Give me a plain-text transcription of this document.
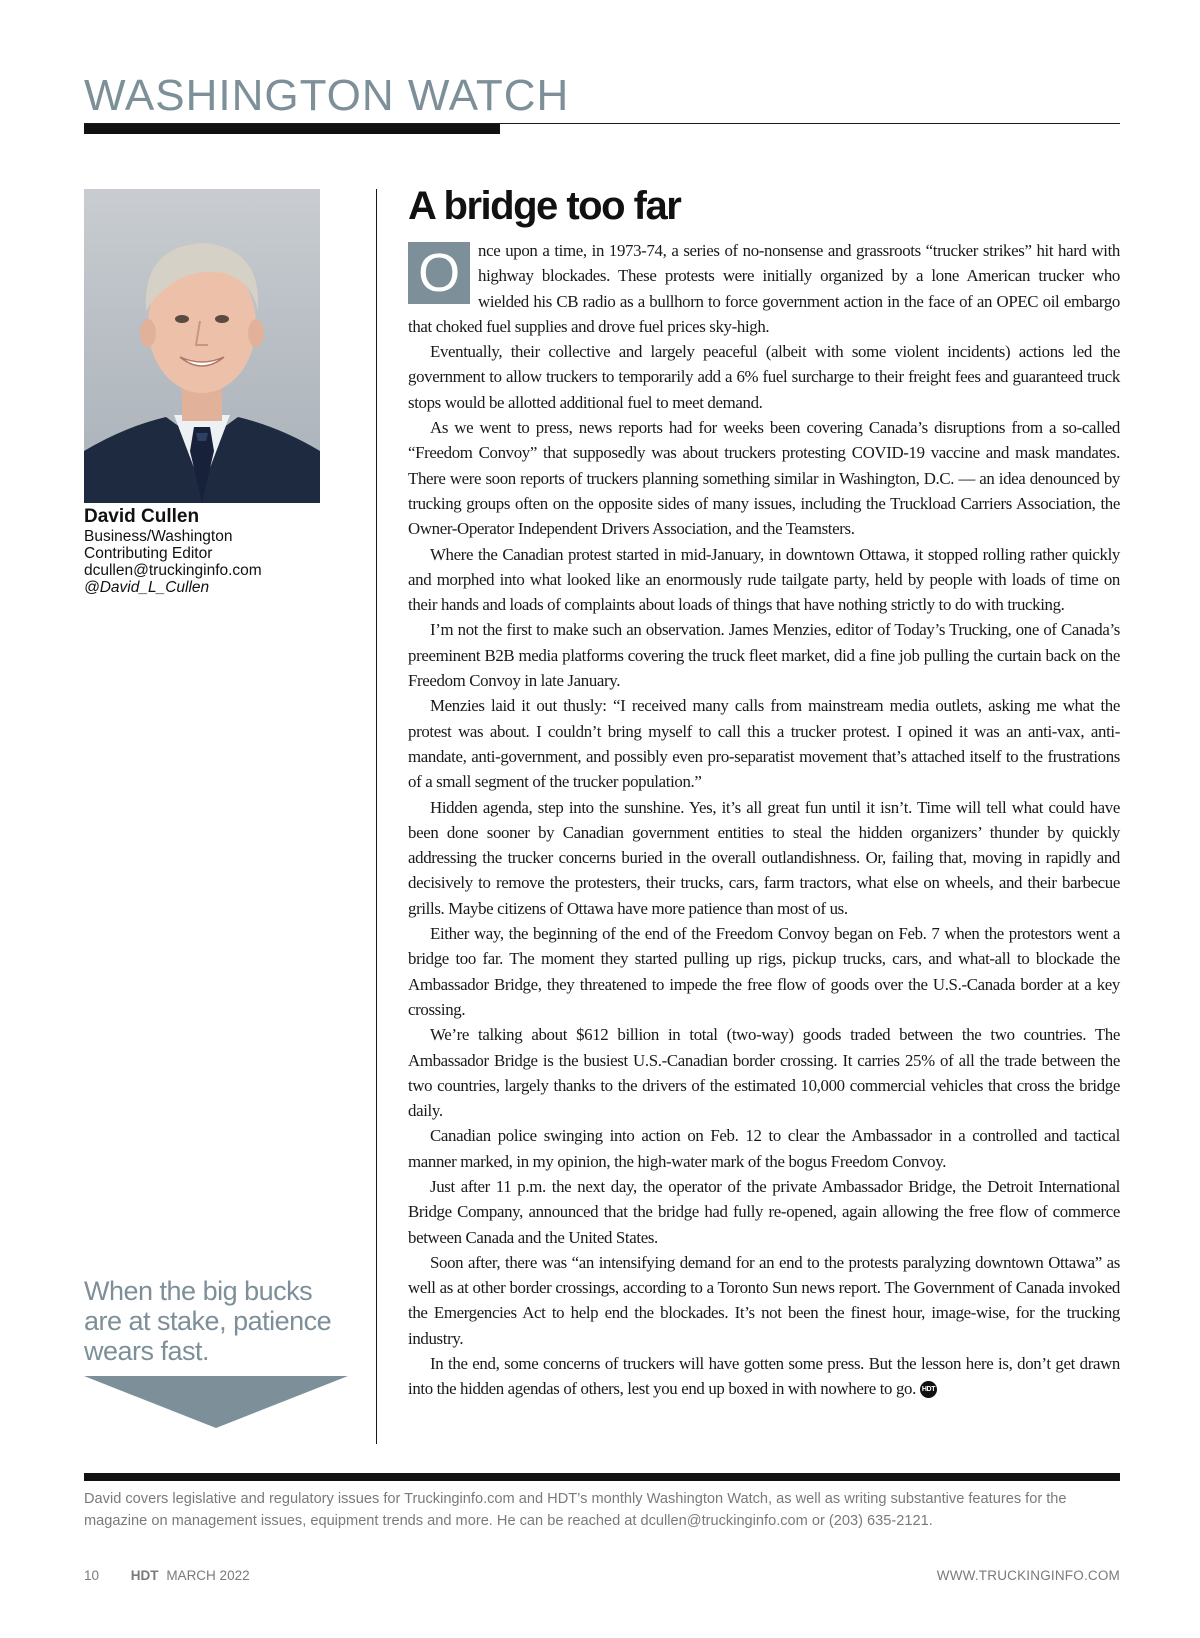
WASHINGTON WATCH
David Cullen
Business/Washington
Contributing Editor
dcullen@truckinginfo.com
@David_L_Cullen
When the big bucks are at stake, patience wears fast.
A bridge too far

O	nce upon a time, in 1973-74, a series of no-nonsense and grassroots “trucker strikes” hit hard with highway blockades. These protests were initially organized by a lone American trucker who wielded his CB radio as a bullhorn to force government action in the face of an OPEC oil embargo that choked fuel supplies and drove fuel prices sky-high.

Eventually, their collective and largely peaceful (albeit with some violent incidents) actions led the government to allow truckers to temporarily add a 6% fuel surcharge to their freight fees and guaranteed truck stops would be allotted additional fuel to meet demand.

As we went to press, news reports had for weeks been covering Canada’s disruptions from a so-called “Freedom Convoy” that supposedly was about truckers protesting COVID-19 vaccine and mask mandates. There were soon reports of truckers planning something similar in Washington, D.C. — an idea denounced by trucking groups often on the opposite sides of many issues, including the Truckload Carriers Association, the Owner-Operator Independent Drivers Association, and the Teamsters.

Where the Canadian protest started in mid-January, in downtown Ottawa, it stopped rolling rather quickly and morphed into what looked like an enormously rude tailgate party, held by people with loads of time on their hands and loads of complaints about loads of things that have nothing strictly to do with trucking.

I’m not the first to make such an observation. James Menzies, editor of Today’s Trucking, one of Canada’s preeminent B2B media platforms covering the truck fleet market, did a fine job pulling the curtain back on the Freedom Convoy in late January.

Menzies laid it out thusly: “I received many calls from mainstream media outlets, asking me what the protest was about. I couldn’t bring myself to call this a trucker protest. I opined it was an anti-vax, anti-mandate, anti-government, and possibly even pro-separatist movement that’s attached itself to the frustrations of a small segment of the trucker population.”

Hidden agenda, step into the sunshine. Yes, it’s all great fun until it isn’t. Time will tell what could have been done sooner by Canadian government entities to steal the hidden organizers’ thunder by quickly addressing the trucker concerns buried in the overall outlandishness. Or, failing that, moving in rapidly and decisively to remove the protesters, their trucks, cars, farm tractors, what else on wheels, and their barbecue grills. Maybe citizens of Ottawa have more patience than most of us.

Either way, the beginning of the end of the Freedom Convoy began on Feb. 7 when the protestors went a bridge too far. The moment they started pulling up rigs, pickup trucks, cars, and what-all to blockade the Ambassador Bridge, they threatened to impede the free flow of goods over the U.S.-Canada border at a key crossing.

We’re talking about $612 billion in total (two-way) goods traded between the two countries. The Ambassador Bridge is the busiest U.S.-Canadian border crossing. It carries 25% of all the trade between the two countries, largely thanks to the drivers of the estimated 10,000 commercial vehicles that cross the bridge daily.

Canadian police swinging into action on Feb. 12 to clear the Ambassador in a controlled and tactical manner marked, in my opinion, the high-water mark of the bogus Freedom Convoy.

Just after 11 p.m. the next day, the operator of the private Ambassador Bridge, the Detroit International Bridge Company, announced that the bridge had fully re-opened, again allowing the free flow of commerce between Canada and the United States.

Soon after, there was “an intensifying demand for an end to the protests paralyzing downtown Ottawa” as well as at other border crossings, according to a Toronto Sun news report. The Government of Canada invoked the Emergencies Act to help end the blockades. It’s not been the finest hour, image-wise, for the trucking industry.

In the end, some concerns of truckers will have gotten some press. But the lesson here is, don’t get drawn into the hidden agendas of others, lest you end up boxed in with nowhere to go. HDT

David covers legislative and regulatory issues for Truckinginfo.com and HDT’s monthly Washington Watch, as well as writing substantive features for the magazine on management issues, equipment trends and more. He can be reached at dcullen@truckinginfo.com or (203) 635-2121.
10 HDT MARCH 2022	WWW.TRUCKINGINFO.COM
